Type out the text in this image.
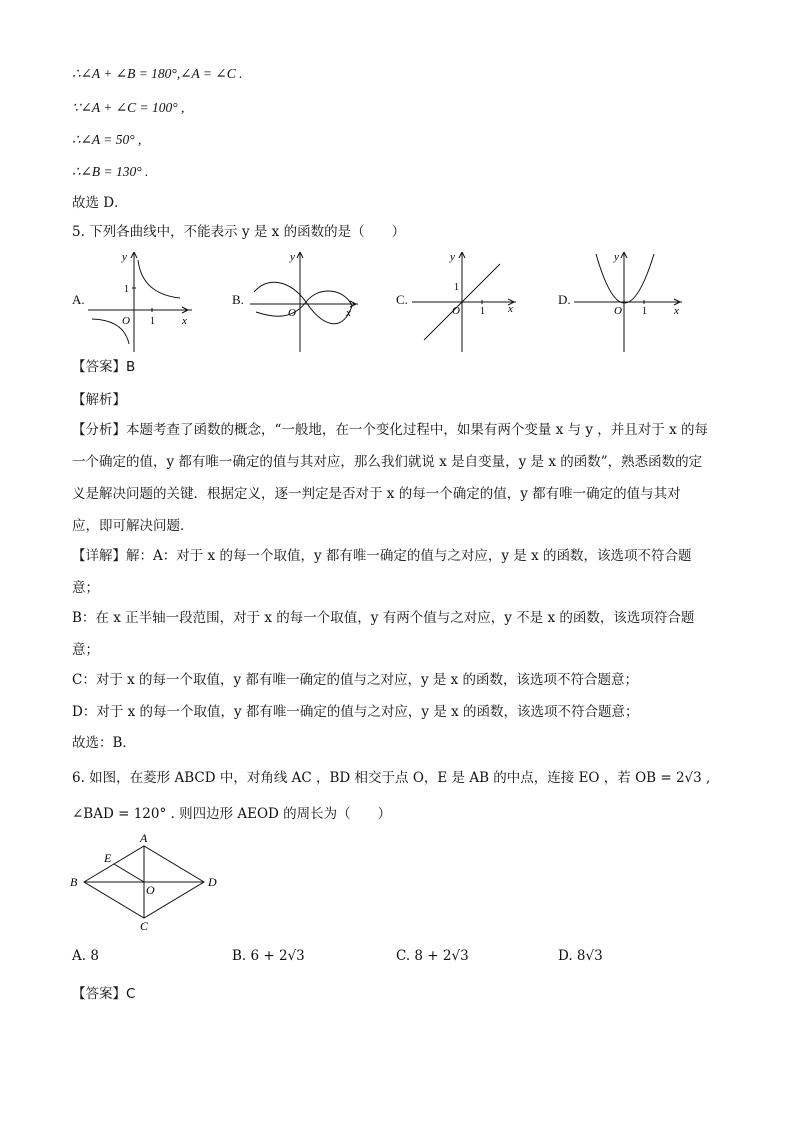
∴∠A + ∠B = 180°,∠A = ∠C .
∵∠A + ∠C = 100° ,
∴∠A = 50° ,
∴∠B = 130° .
故选 D．
5. 下列各曲线中，不能表示 y 是 x 的函数的是（　　）
A.
y
1
O 1 x
B.
y
O	x
C.
y
1
O 1 x
D.
y
O 1 x
【答案】B
【解析】
【分析】本题考查了函数的概念，“一般地，在一个变化过程中，如果有两个变量 x 与 y ，并且对于 x 的每
一个确定的值，y 都有唯一确定的值与其对应，那么我们就说 x 是自变量，y 是 x 的函数”，熟悉函数的定
义是解决问题的关键．根据定义，逐一判定是否对于 x 的每一个确定的值，y 都有唯一确定的值与其对
应，即可解决问题．
【详解】解：A：对于 x 的每一个取值，y 都有唯一确定的值与之对应，y 是 x 的函数，该选项不符合题
意；
B：在 x 正半轴一段范围，对于 x 的每一个取值，y 有两个值与之对应，y 不是 x 的函数，该选项符合题
意；
C：对于 x 的每一个取值，y 都有唯一确定的值与之对应，y 是 x 的函数，该选项不符合题意；
D：对于 x 的每一个取值，y 都有唯一确定的值与之对应，y 是 x 的函数，该选项不符合题意；
故选：B．
6. 如图，在菱形 ABCD 中，对角线 AC ，BD 相交于点 O，E 是 AB 的中点，连接 EO ，若 OB = 2√3 ,
∠BAD = 120° . 则四边形 AEOD 的周长为（　　）
A
B
C
D
E
O
A. 8	B. 6 + 2√3	C. 8 + 2√3	D. 8√3
【答案】C
